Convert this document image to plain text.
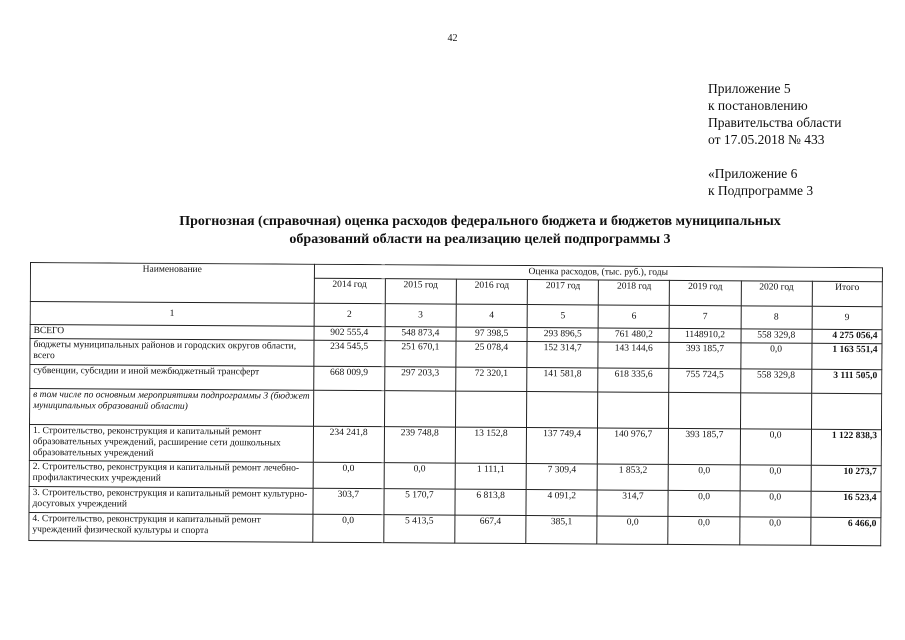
42
Приложение 5
к постановлению
Правительства области
от 17.05.2018 № 433
«Приложение 6
к Подпрограмме 3
Прогнозная (справочная) оценка расходов федерального бюджета и бюджетов муниципальных
образований области на реализацию целей подпрограммы 3
Наименование	Оценка расходов, (тыс. руб.), годы							
	2014 год	2015 год	2016 год	2017 год	2018 год	2019 год	2020 год	Итого
1	2	3	4	5	6	7	8	9
ВСЕГО	902 555,4	548 873,4	97 398,5	293 896,5	761 480,2	1148910,2	558 329,8	4 275 056,4
бюджеты муниципальных районов и городских округов области, всего	234 545,5	251 670,1	25 078,4	152 314,7	143 144,6	393 185,7	0,0	1 163 551,4
субвенции, субсидии и иной межбюджетный трансферт	668 009,9	297 203,3	72 320,1	141 581,8	618 335,6	755 724,5	558 329,8	3 111 505,0
в том числе по основным мероприятиям подпрограммы 3 (бюджет муниципальных образований области)								
1. Строительство, реконструкция и капитальный ремонт образовательных учреждений, расширение сети дошкольных образовательных учреждений	234 241,8	239 748,8	13 152,8	137 749,4	140 976,7	393 185,7	0,0	1 122 838,3
2. Строительство, реконструкция и капитальный ремонт лечебно-профилактических учреждений	0,0	0,0	1 111,1	7 309,4	1 853,2	0,0	0,0	10 273,7
3. Строительство, реконструкция и капитальный ремонт культурно-досуговых учреждений	303,7	5 170,7	6 813,8	4 091,2	314,7	0,0	0,0	16 523,4
4. Строительство, реконструкция и капитальный ремонт учреждений физической культуры и спорта	0,0	5 413,5	667,4	385,1	0,0	0,0	0,0	6 466,0
